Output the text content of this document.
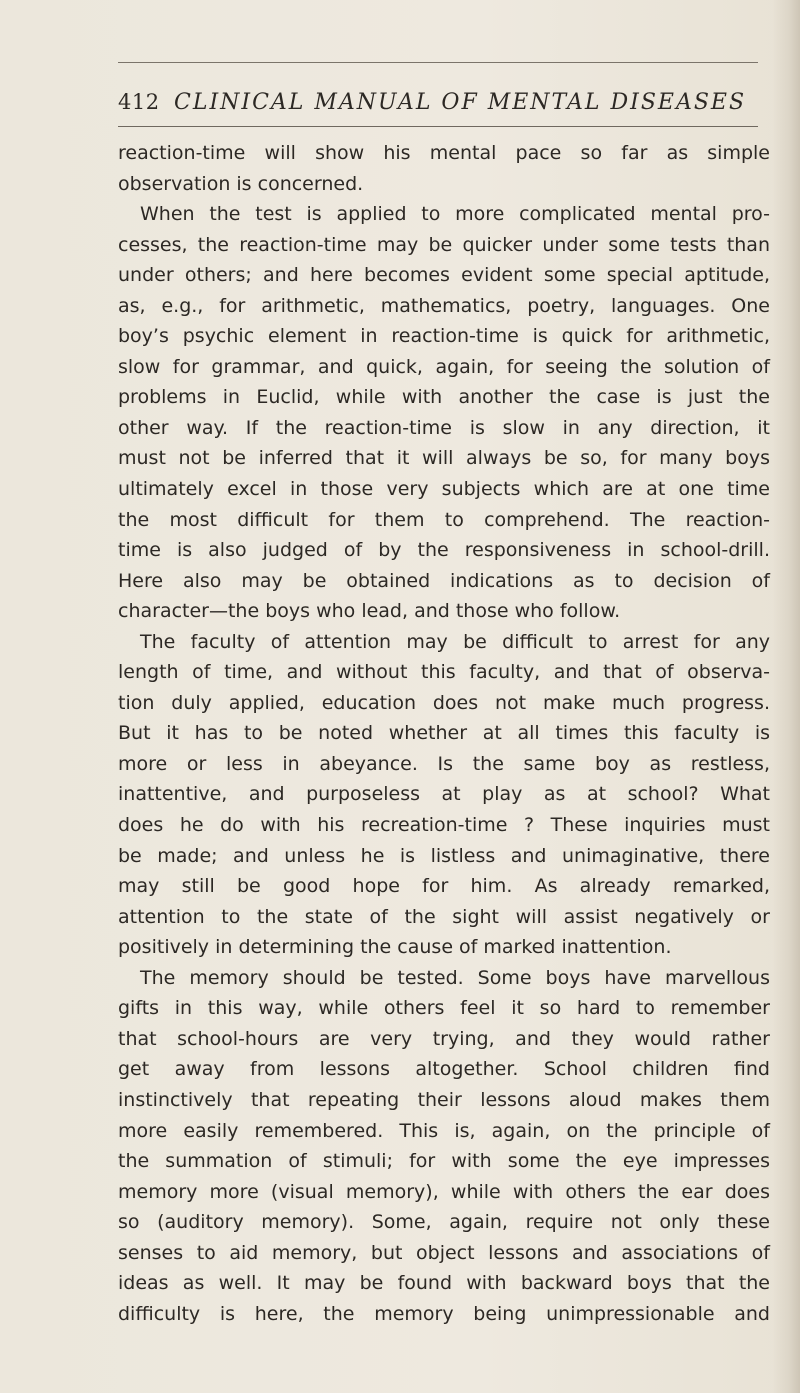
412 CLINICAL MANUAL OF MENTAL DISEASES
reaction-time will show his mental pace so far as simple
observation is concerned.
When the test is applied to more complicated mental pro-
cesses, the reaction-time may be quicker under some tests than
under others; and here becomes evident some special aptitude,
as, e.g., for arithmetic, mathematics, poetry, languages. One
boy’s psychic element in reaction-time is quick for arithmetic,
slow for grammar, and quick, again, for seeing the solution of
problems in Euclid, while with another the case is just the
other way. If the reaction-time is slow in any direction, it
must not be inferred that it will always be so, for many boys
ultimately excel in those very subjects which are at one time
the most difficult for them to comprehend. The reaction-
time is also judged of by the responsiveness in school-drill.
Here also may be obtained indications as to decision of
character—the boys who lead, and those who follow.
The faculty of attention may be difficult to arrest for any
length of time, and without this faculty, and that of observa-
tion duly applied, education does not make much progress.
But it has to be noted whether at all times this faculty is
more or less in abeyance. Is the same boy as restless,
inattentive, and purposeless at play as at school? What
does he do with his recreation-time ? These inquiries must
be made; and unless he is listless and unimaginative, there
may still be good hope for him. As already remarked,
attention to the state of the sight will assist negatively or
positively in determining the cause of marked inattention.
The memory should be tested. Some boys have marvellous
gifts in this way, while others feel it so hard to remember
that school-hours are very trying, and they would rather
get away from lessons altogether. School children find
instinctively that repeating their lessons aloud makes them
more easily remembered. This is, again, on the principle of
the summation of stimuli; for with some the eye impresses
memory more (visual memory), while with others the ear does
so (auditory memory). Some, again, require not only these
senses to aid memory, but object lessons and associations of
ideas as well. It may be found with backward boys that the
difficulty is here, the memory being unimpressionable and
